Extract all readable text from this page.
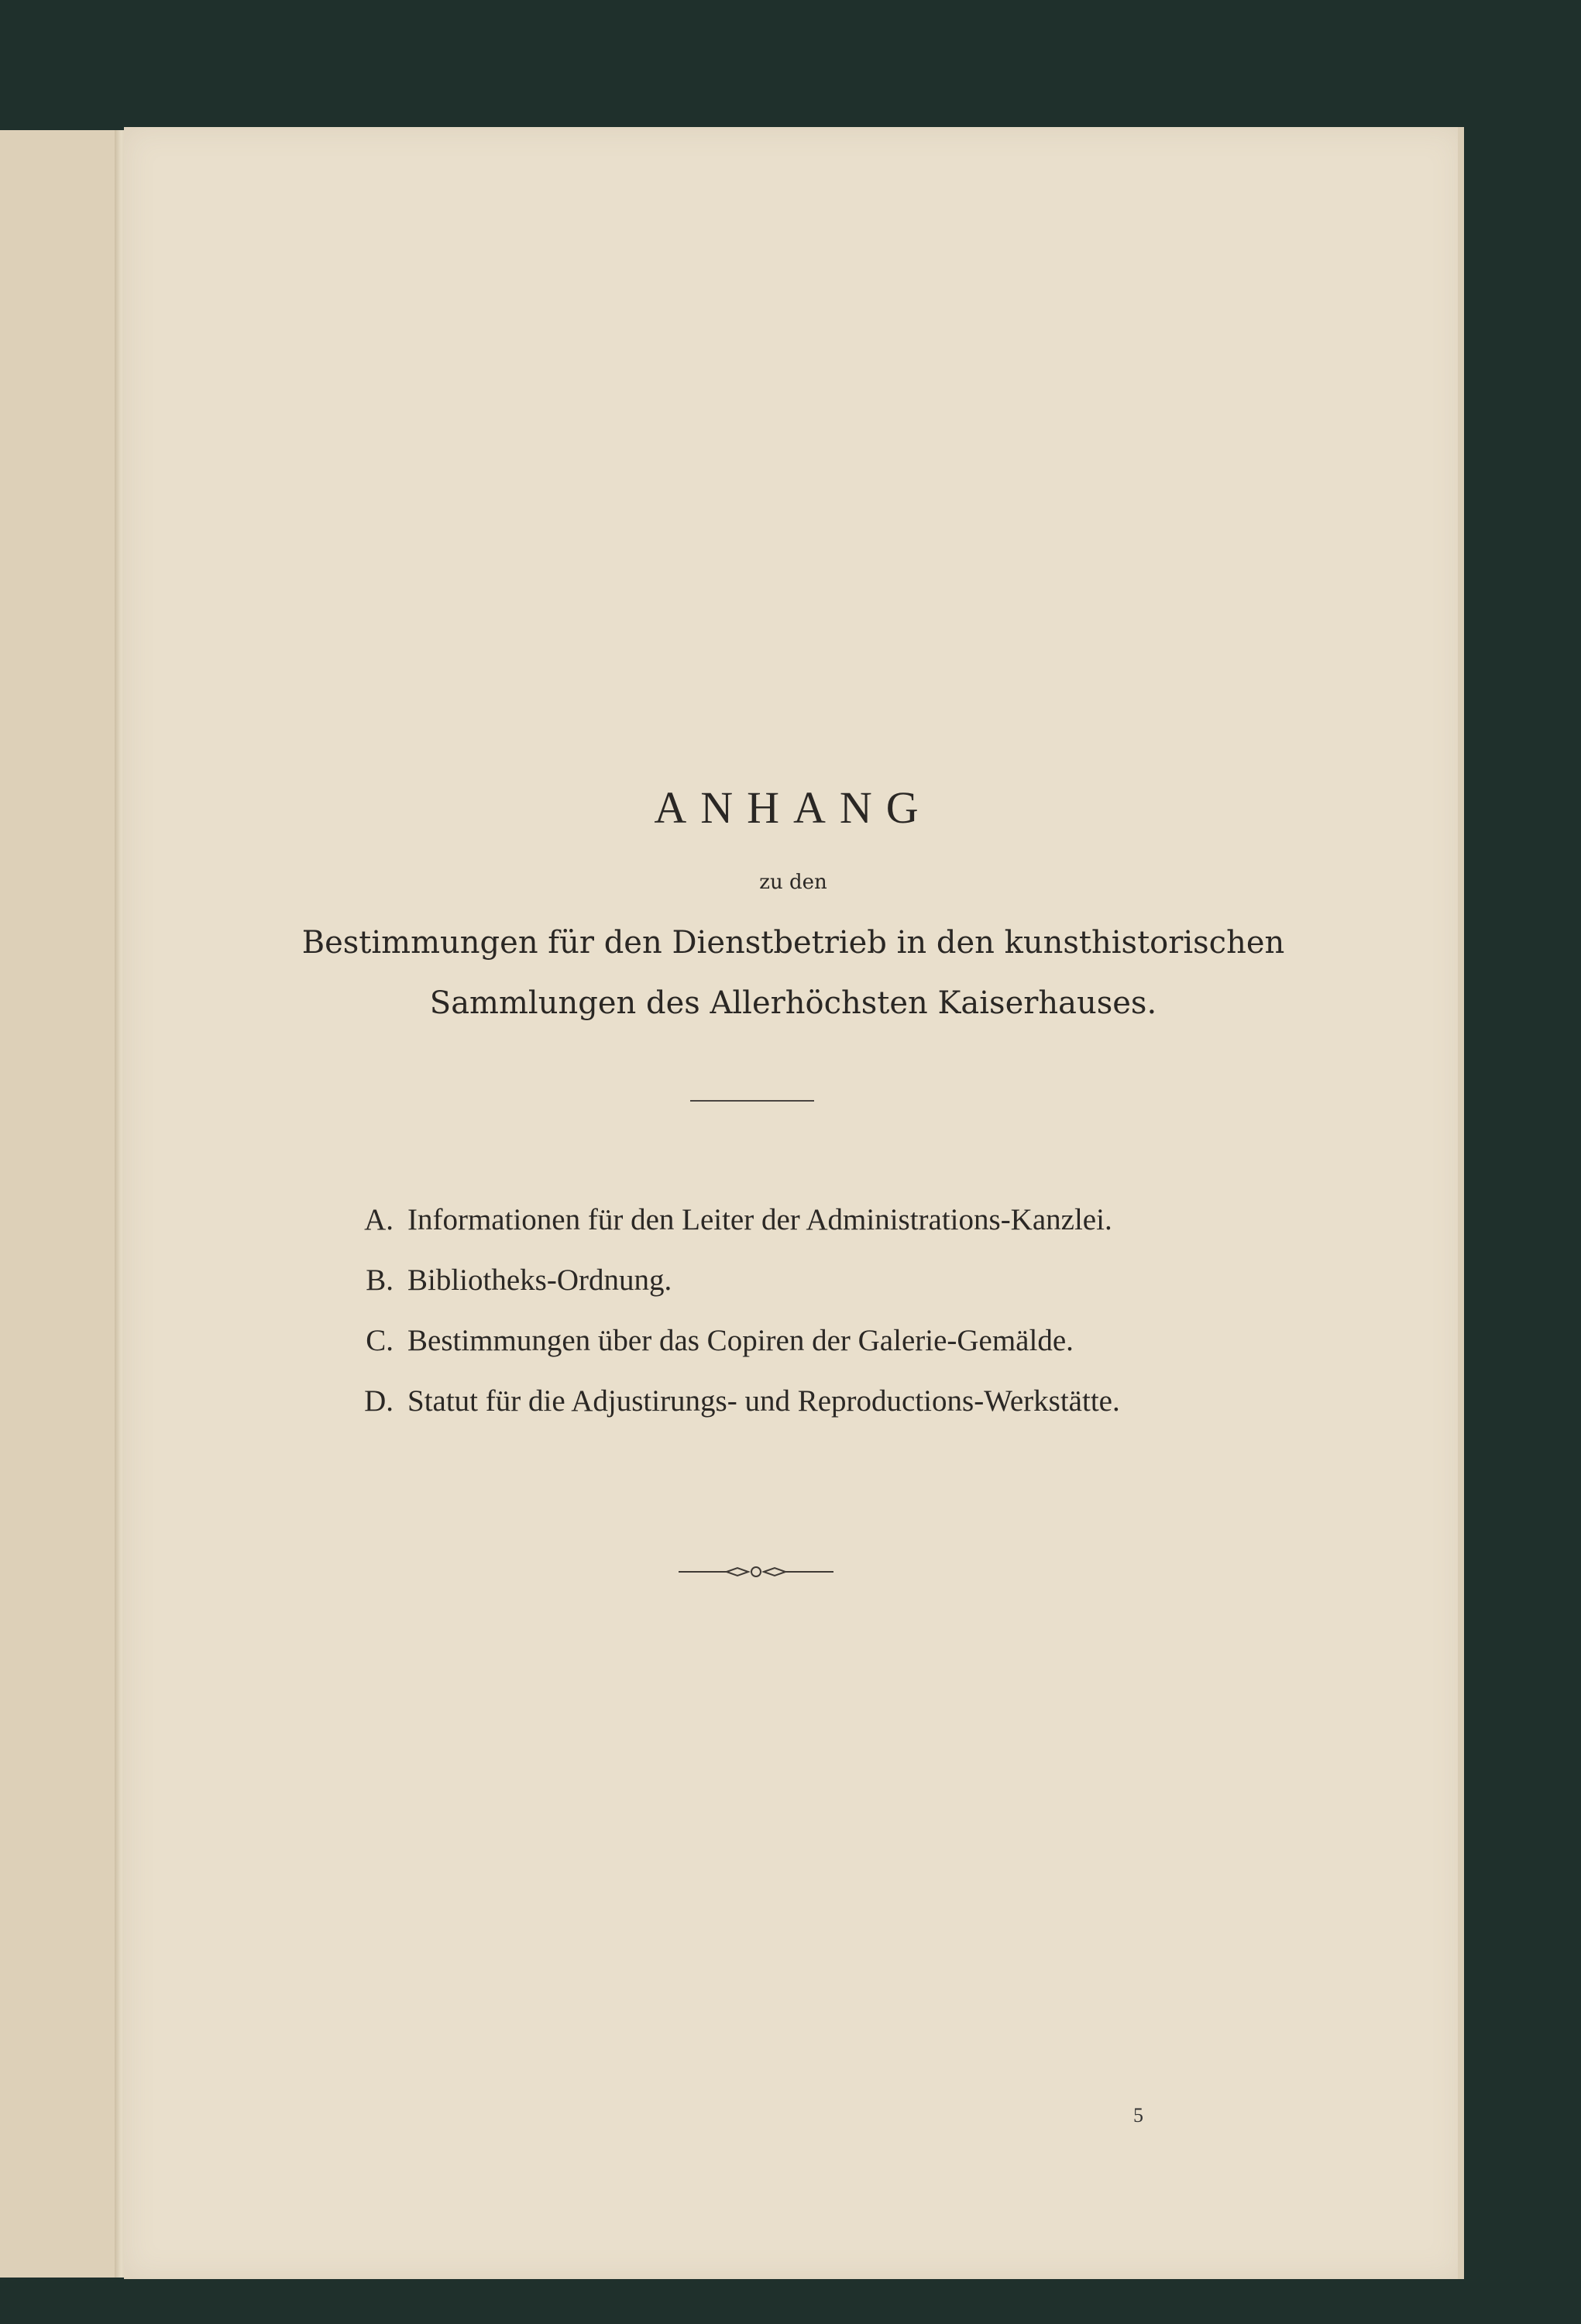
ANHANG
zu den
Bestimmungen für den Dienstbetrieb in den kunsthistorischen
Sammlungen des Allerhöchsten Kaiserhauses.
A. Informationen für den Leiter der Administrations-Kanzlei.
B. Bibliotheks-Ordnung.
C. Bestimmungen über das Copiren der Galerie-Gemälde.
D. Statut für die Adjustirungs- und Reproductions-Werkstätte.
5
